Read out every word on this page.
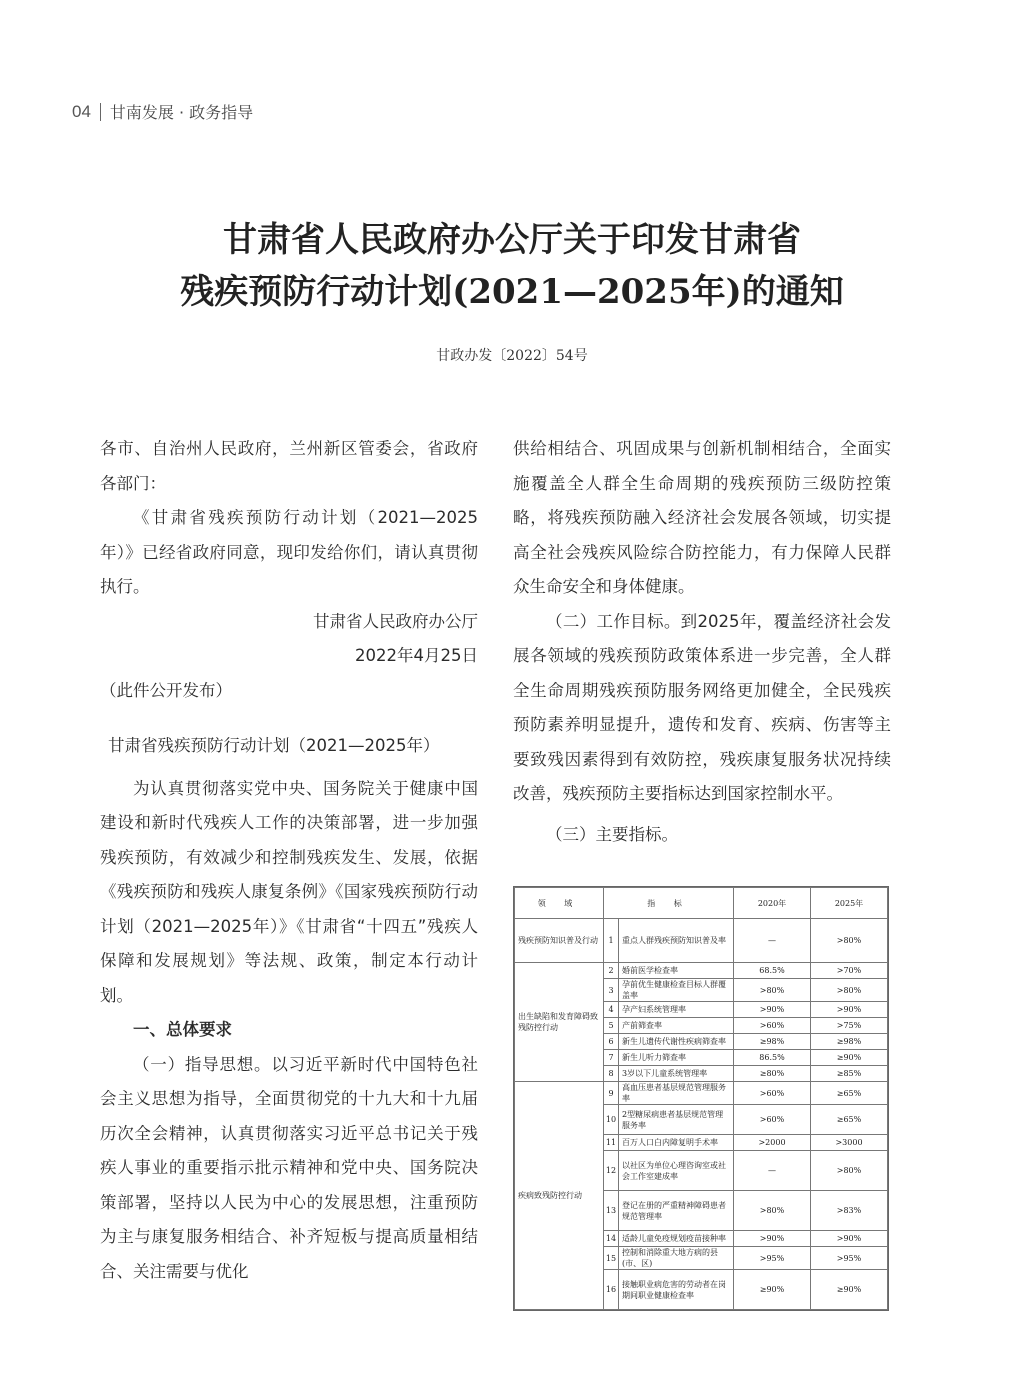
04 甘南发展 · 政务指导
甘肃省人民政府办公厅关于印发甘肃省
残疾预防行动计划(2021—2025年)的通知
甘政办发〔2022〕54号

各市、自治州人民政府，兰州新区管委会，省政府各部门：

《甘肃省残疾预防行动计划（2021—2025年）》已经省政府同意，现印发给你们，请认真贯彻执行。

甘肃省人民政府办公厅

2022年4月25日

（此件公开发布）

甘肃省残疾预防行动计划（2021—2025年）

为认真贯彻落实党中央、国务院关于健康中国建设和新时代残疾人工作的决策部署，进一步加强残疾预防，有效减少和控制残疾发生、发展，依据《残疾预防和残疾人康复条例》《国家残疾预防行动计划（2021—2025年）》《甘肃省“十四五”残疾人保障和发展规划》等法规、政策，制定本行动计划。

一、总体要求

（一）指导思想。以习近平新时代中国特色社会主义思想为指导，全面贯彻党的十九大和十九届历次全会精神，认真贯彻落实习近平总书记关于残疾人事业的重要指示批示精神和党中央、国务院决策部署，坚持以人民为中心的发展思想，注重预防为主与康复服务相结合、补齐短板与提高质量相结合、关注需要与优化

供给相结合、巩固成果与创新机制相结合，全面实施覆盖全人群全生命周期的残疾预防三级防控策略，将残疾预防融入经济社会发展各领域，切实提高全社会残疾风险综合防控能力，有力保障人民群众生命安全和身体健康。

（二）工作目标。到2025年，覆盖经济社会发展各领域的残疾预防政策体系进一步完善，全人群全生命周期残疾预防服务网络更加健全，全民残疾预防素养明显提升，遗传和发育、疾病、伤害等主要致残因素得到有效防控，残疾康复服务状况持续改善，残疾预防主要指标达到国家控制水平。

（三）主要指标。

领 域	指 标		2020年	2025年
残疾预防知识普及行动	1	重点人群残疾预防知识普及率	—	>80%
出生缺陷和发育障碍致残防控行动	2	婚前医学检查率	68.5%	>70%
	3	孕前优生健康检查目标人群覆盖率	>80%	>80%
	4	孕产妇系统管理率	>90%	>90%
	5	产前筛查率	>60%	>75%
	6	新生儿遗传代谢性疾病筛查率	≥98%	≥98%
	7	新生儿听力筛查率	86.5%	≥90%
	8	3岁以下儿童系统管理率	≥80%	≥85%
疾病致残防控行动	9	高血压患者基层规范管理服务率	>60%	≥65%
	10	2型糖尿病患者基层规范管理服务率	>60%	≥65%
	11	百万人口白内障复明手术率	>2000	>3000
	12	以社区为单位心理咨询室或社会工作室建成率	—	>80%
	13	登记在册的严重精神障碍患者规范管理率	>80%	>83%
	14	适龄儿童免疫规划疫苗接种率	>90%	>90%
	15	控制和消除重大地方病的县(市、区)	>95%	>95%
	16	接触职业病危害的劳动者在岗期间职业健康检查率	≥90%	≥90%
